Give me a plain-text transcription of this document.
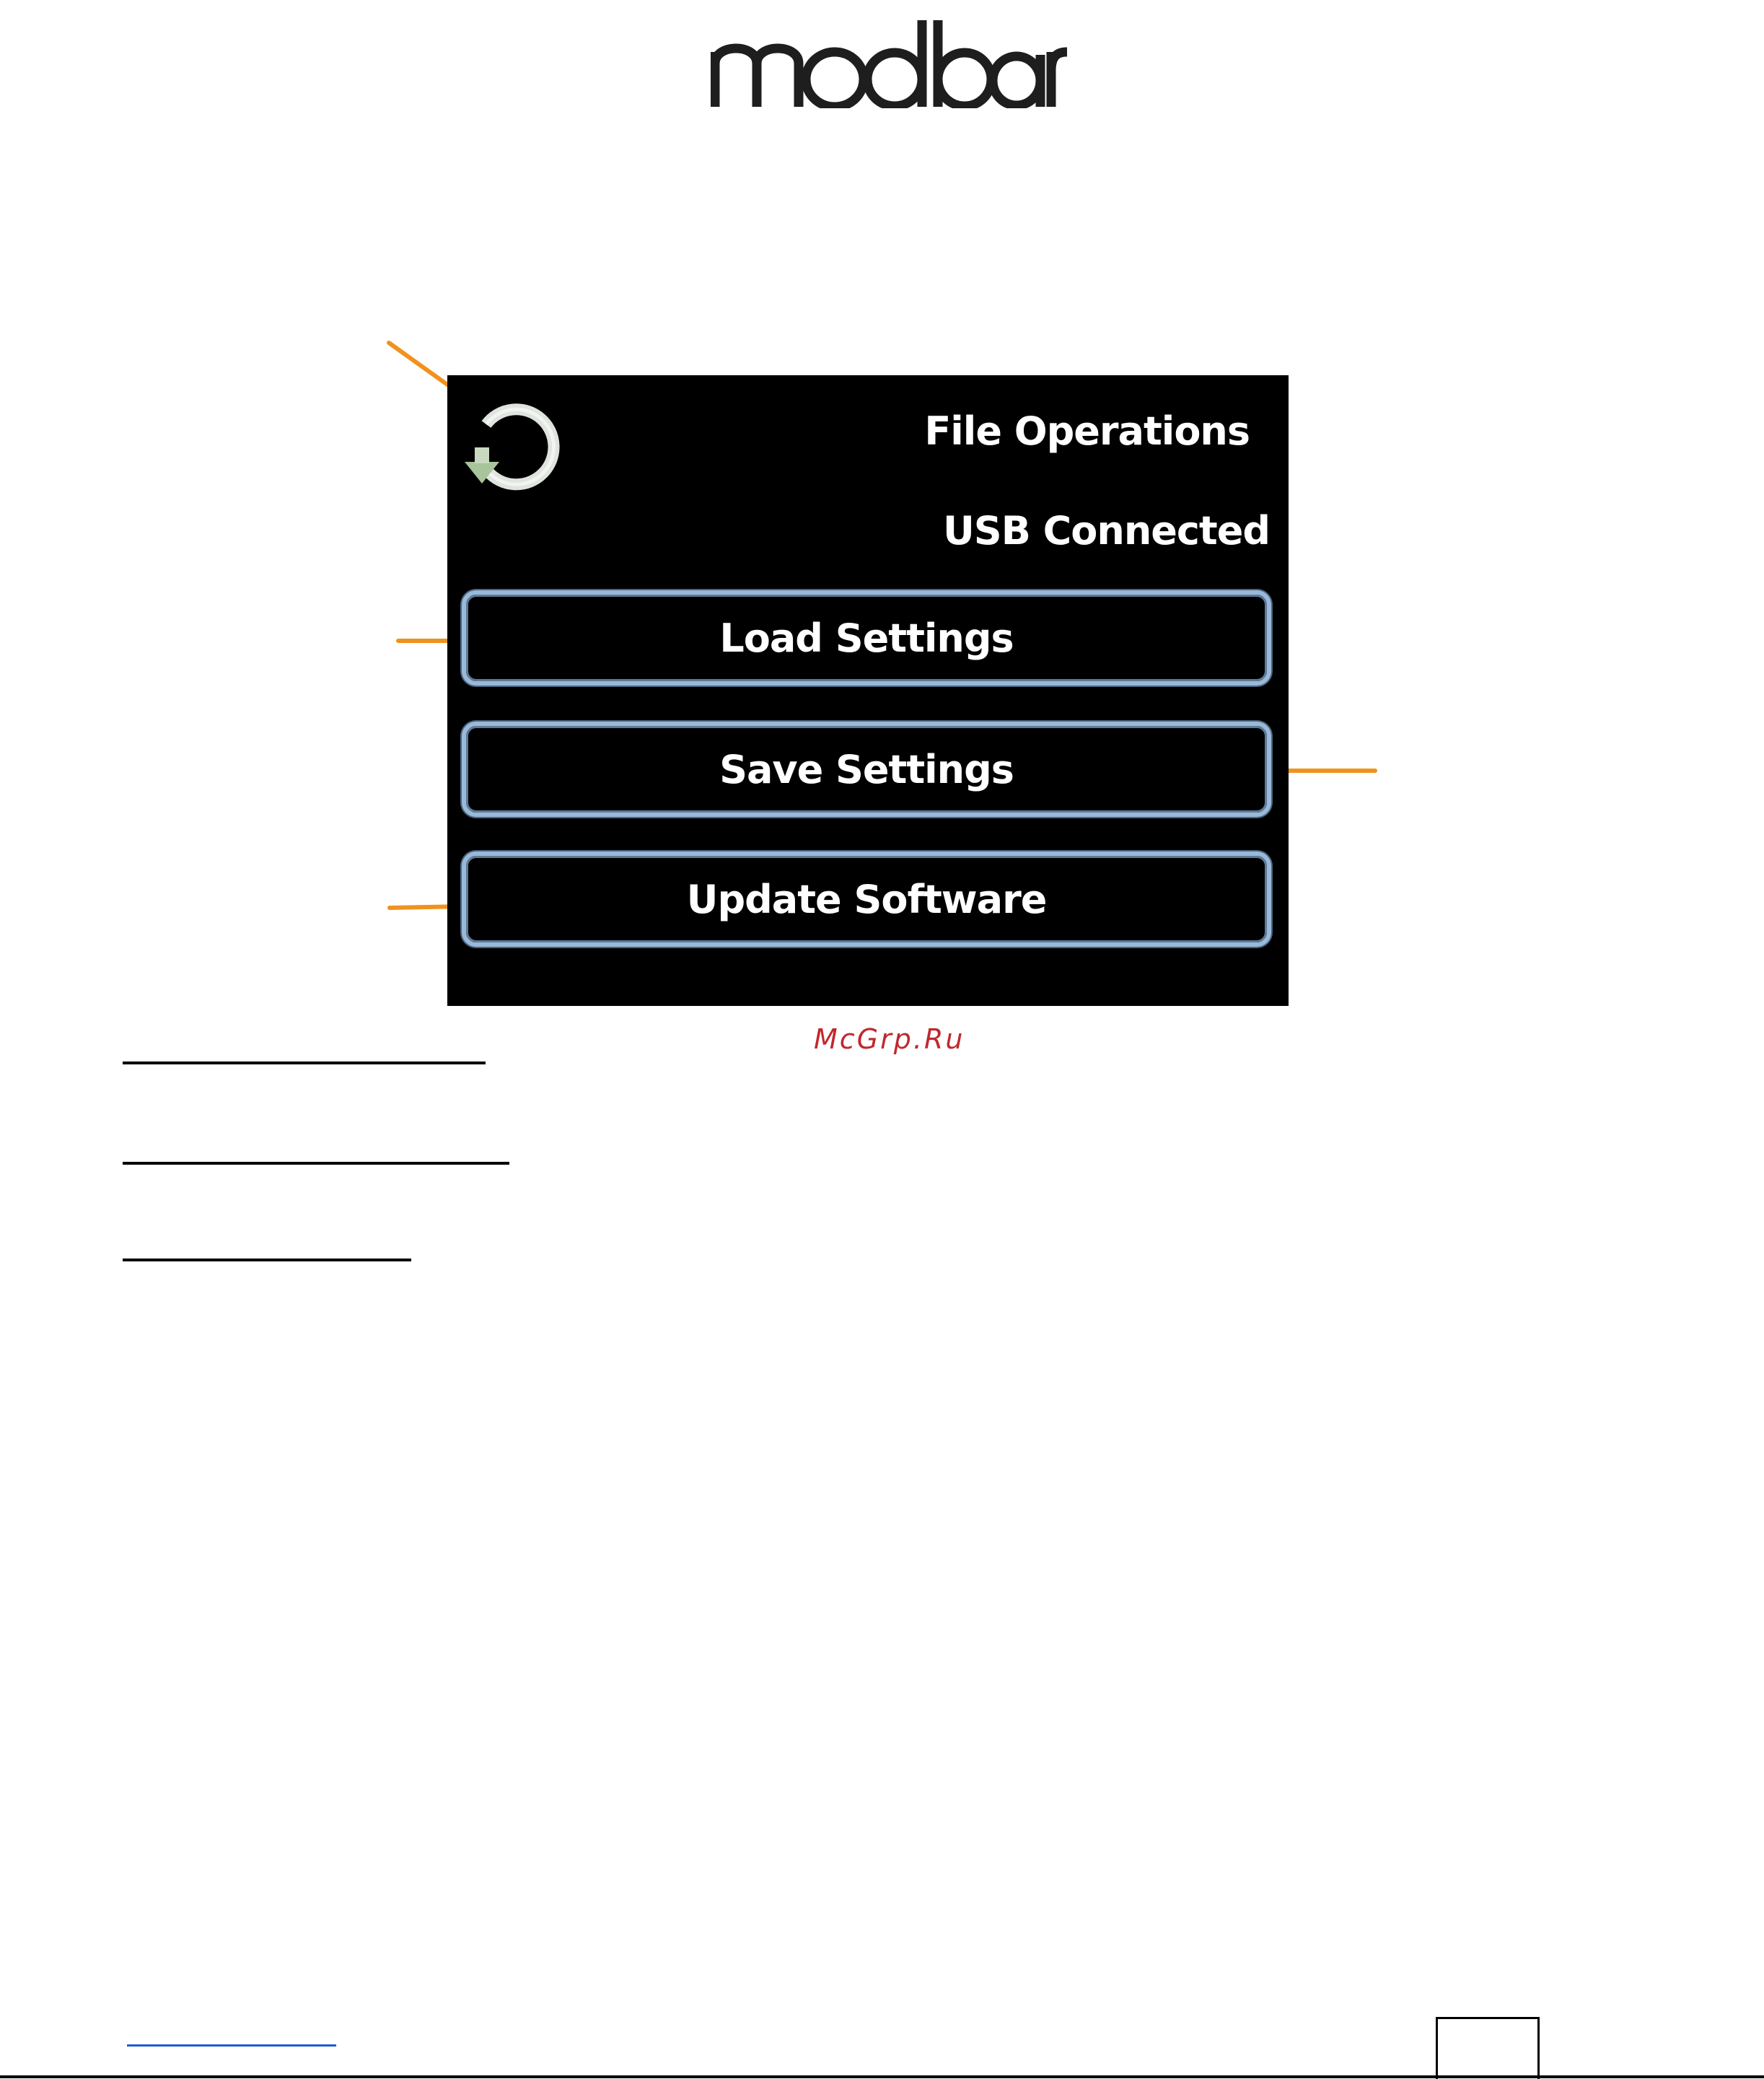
File Operations
USB Connected
Load Settings
Save Settings
Update Software
McGrp.Ru
